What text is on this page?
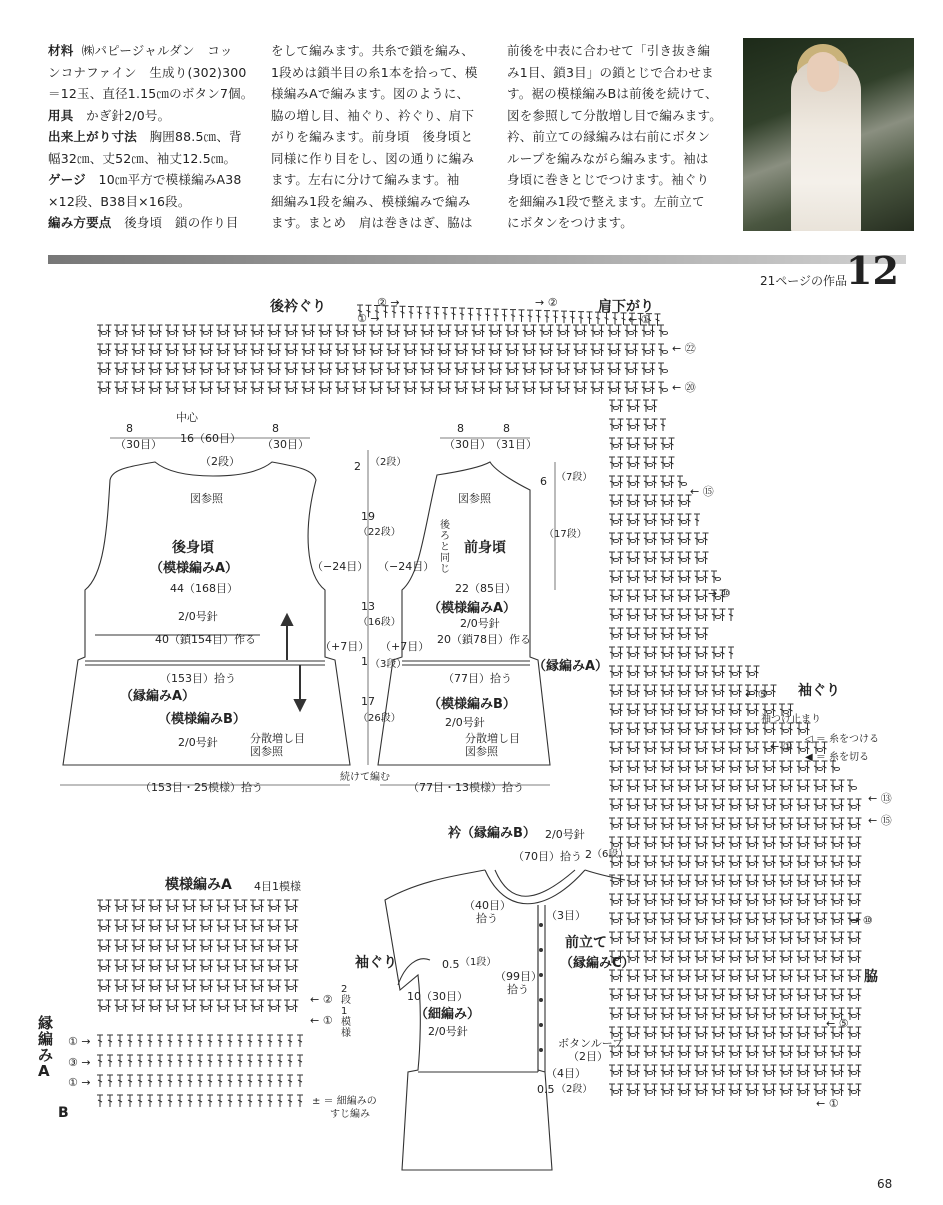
材料  ㈱パピージャルダン　コッ

ンコナファイン　生成り(302)300

＝12玉、直径1.15㎝のボタン7個。

用具　かぎ針2/0号。

出来上がり寸法　胸囲88.5㎝、背

幅32㎝、丈52㎝、袖丈12.5㎝。

ゲージ　10㎝平方で模様編みA38

×12段、B38目×16段。

編み方要点　後身頃　鎖の作り目

をして編みます。共糸で鎖を編み、

1段めは鎖半目の糸1本を拾って、模

様編みAで編みます。図のように、

脇の増し目、袖ぐり、衿ぐり、肩下

がりを編みます。前身頃　後身頃と

同様に作り目をし、図の通りに編み

ます。左右に分けて編みます。袖

細編み1段を編み、模様編みで編み

ます。まとめ　肩は巻きはぎ、脇は

前後を中表に合わせて「引き抜き編

み1目、鎖3目」の鎖とじで合わせま

す。裾の模様編みBは前後を続けて、

図を参照して分散増し目で編みます。

衿、前立ての縁編みは右前にボタン

ループを編みながら編みます。袖は

身頃に巻きとじでつけます。袖ぐり

を細編み1段で整えます。左前立て

にボタンをつけます。

21ページの作品
12
後衿ぐり	肩下がり
② →
① →
→ ②
← ①
← ㉒
← ⑳
← ⑮
→ ⑩
← ⑤
← ①
← ⑬
← ⑮
→ ⑩
← ⑤
← ①
中心
袖ぐり
袖つけ止まり
◁ ＝ 糸をつける
◀ ＝ 糸を切る
脇
8
（30目） 16（60目）
8
（30目）
（2段）
図参照
後身頃
（模様編みA）
44（168目）
2/0号針
40（鎖154目）作る
（153目）拾う
（縁編みA）
（模様編みB）
2/0号針	分散増し目
図参照
（153目・25模様）拾う
（−24目）
（+7目）
2 （2段）
19
（22段）
13
（16段）
1 （3段）
17
（26段）
続けて編む
8
（30目）
8
（31目）
図参照
前身頃
（−24目）
後ろと同じ
22（85目）
（模様編みA）
2/0号針
（+7目）
20（鎖78目）作る
（縁編みA）
（77目）拾う
（模様編みB）
2/0号針
分散増し目
図参照
（77目・13模様）拾う
6 （7段）
（17段）
模様編みA 4目1模様
← ②
← ①
2段1模様
縁編みA
① →
③ →
① →
B
± ＝ 細編みの
すじ編み
衿（縁編みB） 2/0号針
（70目）拾う 2 （6段）
（40目）
拾う	（3目）
前立て
（縁編みC）
（99目）
拾う
袖ぐり	0.5 （1段）
10（30目）
（細編み）
2/0号針
ボタンループ
（2目）
（4目）
0.5 （2段）
68
